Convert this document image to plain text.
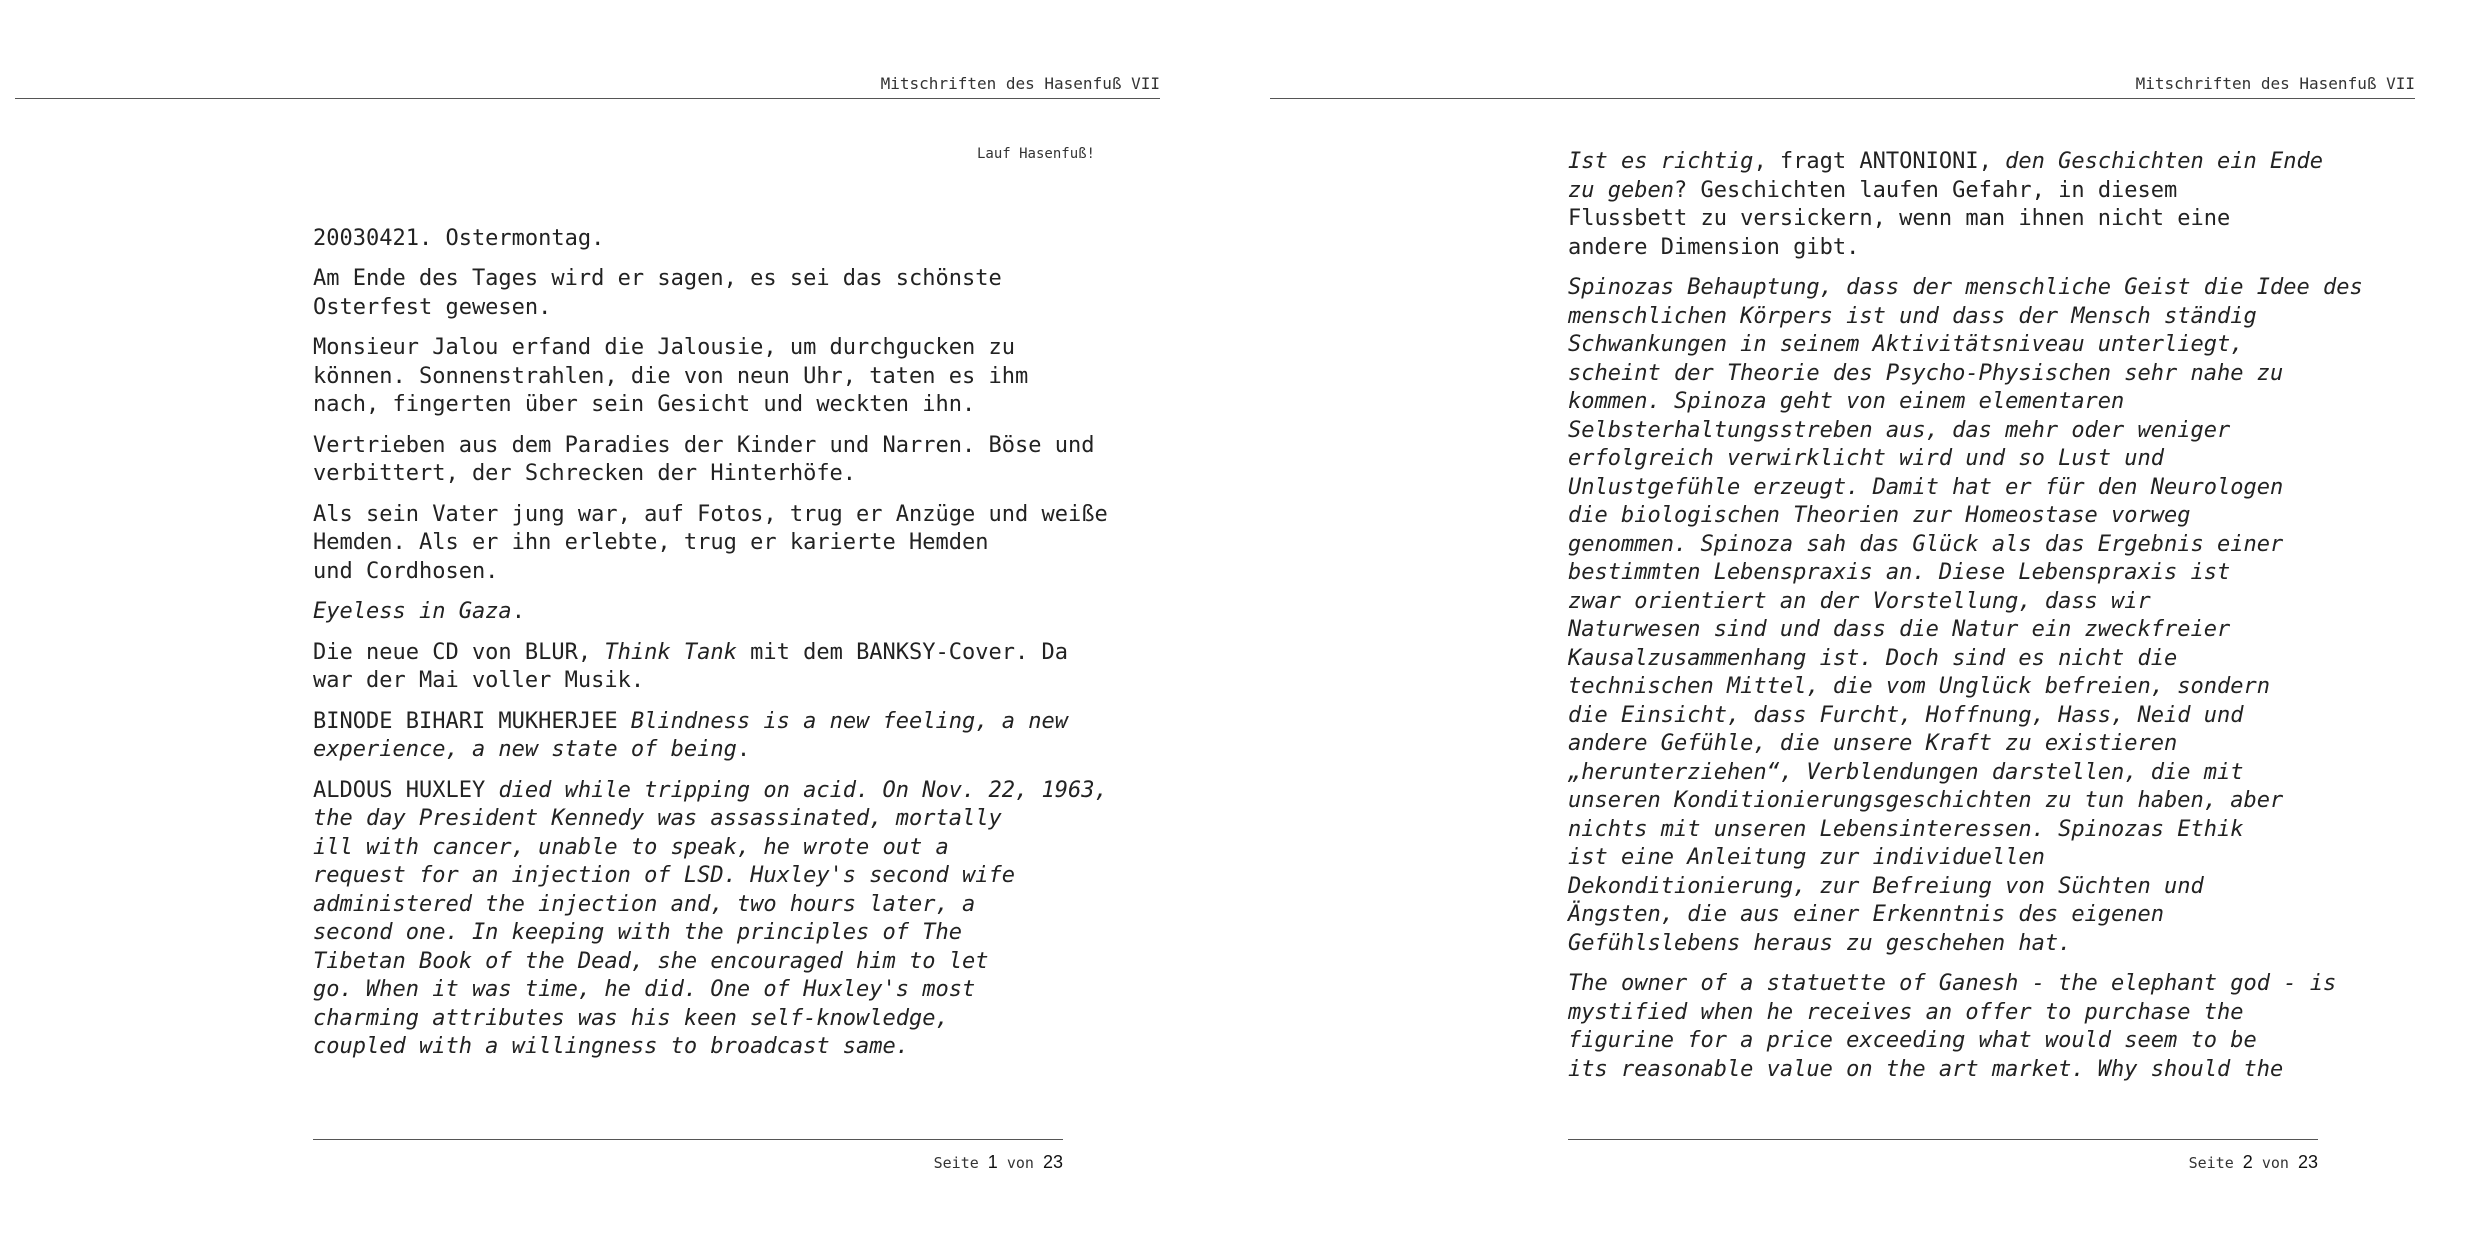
Mitschriften des Hasenfuß VII
Lauf Hasenfuß!
20030421. Ostermontag.
Am Ende des Tages wird er sagen, es sei das schönste
Osterfest gewesen.
Monsieur Jalou erfand die Jalousie, um durchgucken zu
können. Sonnenstrahlen, die von neun Uhr, taten es ihm
nach, fingerten über sein Gesicht und weckten ihn.
Vertrieben aus dem Paradies der Kinder und Narren. Böse und
verbittert, der Schrecken der Hinterhöfe.
Als sein Vater jung war, auf Fotos, trug er Anzüge und weiße
Hemden. Als er ihn erlebte, trug er karierte Hemden
und Cordhosen.
Eyeless in Gaza.
Die neue CD von BLUR, Think Tank mit dem BANKSY-Cover. Da
war der Mai voller Musik.
BINODE BIHARI MUKHERJEE Blindness is a new feeling, a new
experience, a new state of being.
ALDOUS HUXLEY died while tripping on acid. On Nov. 22, 1963,
the day President Kennedy was assassinated, mortally
ill with cancer, unable to speak, he wrote out a
request for an injection of LSD. Huxley's second wife
administered the injection and, two hours later, a
second one. In keeping with the principles of The
Tibetan Book of the Dead, she encouraged him to let
go. When it was time, he did. One of Huxley's most
charming attributes was his keen self-knowledge,
coupled with a willingness to broadcast same.
Seite 1 von 23
Mitschriften des Hasenfuß VII
Ist es richtig, fragt ANTONIONI, den Geschichten ein Ende
zu geben? Geschichten laufen Gefahr, in diesem
Flussbett zu versickern, wenn man ihnen nicht eine
andere Dimension gibt.
Spinozas Behauptung, dass der menschliche Geist die Idee des
menschlichen Körpers ist und dass der Mensch ständig
Schwankungen in seinem Aktivitätsniveau unterliegt,
scheint der Theorie des Psycho-Physischen sehr nahe zu
kommen. Spinoza geht von einem elementaren
Selbsterhaltungsstreben aus, das mehr oder weniger
erfolgreich verwirklicht wird und so Lust und
Unlustgefühle erzeugt. Damit hat er für den Neurologen
die biologischen Theorien zur Homeostase vorweg
genommen. Spinoza sah das Glück als das Ergebnis einer
bestimmten Lebenspraxis an. Diese Lebenspraxis ist
zwar orientiert an der Vorstellung, dass wir
Naturwesen sind und dass die Natur ein zweckfreier
Kausalzusammenhang ist. Doch sind es nicht die
technischen Mittel, die vom Unglück befreien, sondern
die Einsicht, dass Furcht, Hoffnung, Hass, Neid und
andere Gefühle, die unsere Kraft zu existieren
„herunterziehen“, Verblendungen darstellen, die mit
unseren Konditionierungsgeschichten zu tun haben, aber
nichts mit unseren Lebensinteressen. Spinozas Ethik
ist eine Anleitung zur individuellen
Dekonditionierung, zur Befreiung von Süchten und
Ängsten, die aus einer Erkenntnis des eigenen
Gefühlslebens heraus zu geschehen hat.
The owner of a statuette of Ganesh - the elephant god - is
mystified when he receives an offer to purchase the
figurine for a price exceeding what would seem to be
its reasonable value on the art market. Why should the
Seite 2 von 23
